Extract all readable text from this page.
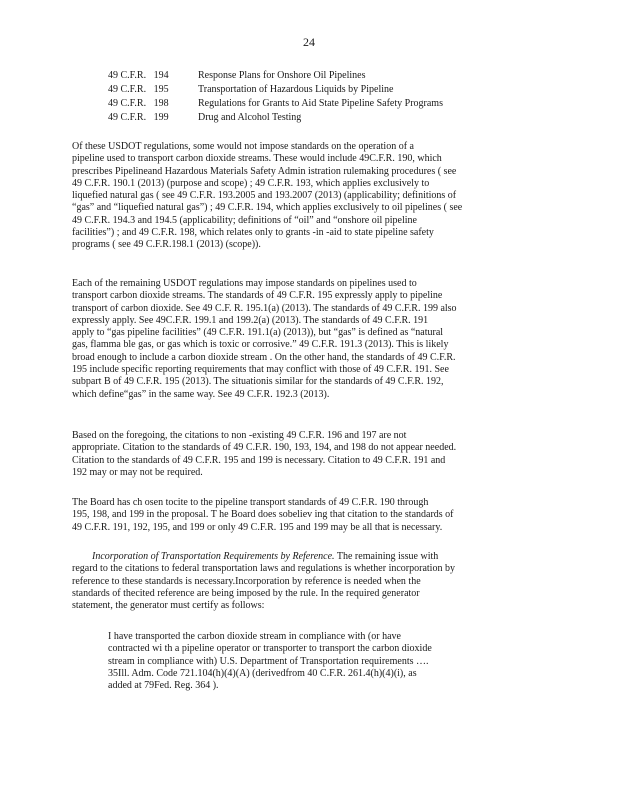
24
49 C.F.R.   194	Response Plans for Onshore Oil Pipelines
49 C.F.R.   195	Transportation of Hazardous Liquids by Pipeline
49 C.F.R.   198	Regulations for Grants to Aid State Pipeline Safety Programs
49 C.F.R.   199	Drug and Alcohol Testing
Of these USDOT regulations, some would not impose standards on the operation of a
pipeline used to transport carbon dioxide streams. These would include 49C.F.R. 190, which
prescribes Pipelineand Hazardous Materials Safety Admin istration rulemaking procedures ( see
49 C.F.R. 190.1 (2013) (purpose and scope) ; 49 C.F.R. 193, which applies exclusively to
liquefied natural gas ( see 49 C.F.R. 193.2005 and 193.2007 (2013) (applicability; definitions of
“gas” and “liquefied natural gas”) ; 49 C.F.R. 194, which applies exclusively to oil pipelines ( see
49 C.F.R. 194.3 and 194.5 (applicability; definitions of “oil” and “onshore oil pipeline
facilities”) ; and 49 C.F.R. 198, which relates only to grants -in -aid to state pipeline safety
programs ( see 49 C.F.R.198.1 (2013) (scope)).
Each of the remaining USDOT regulations may impose standards on pipelines used to
transport carbon dioxide streams. The standards of 49 C.F.R. 195 expressly apply to pipeline
transport of carbon dioxide. See 49 C.F. R. 195.1(a) (2013). The standards of 49 C.F.R. 199 also
expressly apply. See 49C.F.R. 199.1 and 199.2(a) (2013). The standards of 49 C.F.R. 191
apply to “gas pipeline facilities” (49 C.F.R. 191.1(a) (2013)), but “gas” is defined as “natural
gas, flamma ble gas, or gas which is toxic or corrosive.” 49 C.F.R. 191.3 (2013). This is likely
broad enough to include a carbon dioxide stream . On the other hand, the standards of 49 C.F.R.
195 include specific reporting requirements that may conflict with those of 49 C.F.R. 191. See
subpart B of 49 C.F.R. 195 (2013). The situationis similar for the standards of 49 C.F.R. 192,
which define“gas” in the same way. See 49 C.F.R. 192.3 (2013).
Based on the foregoing, the citations to non -existing 49 C.F.R. 196 and 197 are not
appropriate. Citation to the standards of 49 C.F.R. 190, 193, 194, and 198 do not appear needed.
Citation to the standards of 49 C.F.R. 195 and 199 is necessary. Citation to 49 C.F.R. 191 and
192 may or may not be required.
The Board has ch osen tocite to the pipeline transport standards of 49 C.F.R. 190 through
195, 198, and 199 in the proposal. T he Board does sobeliev ing that citation to the standards of
49 C.F.R. 191, 192, 195, and 199 or only 49 C.F.R. 195 and 199 may be all that is necessary.
Incorporation of Transportation Requirements by Reference. The remaining issue with
regard to the citations to federal transportation laws and regulations is whether incorporation by
reference to these standards is necessary.Incorporation by reference is needed when the
standards of thecited reference are being imposed by the rule. In the required generator
statement, the generator must certify as follows:
I have transported the carbon dioxide stream in compliance with (or have
contracted wi th a pipeline operator or transporter to transport the carbon dioxide
stream in compliance with) U.S. Department of Transportation requirements ….
35Ill. Adm. Code 721.104(h)(4)(A) (derivedfrom 40 C.F.R. 261.4(h)(4)(i), as
added at 79Fed. Reg. 364 ).
